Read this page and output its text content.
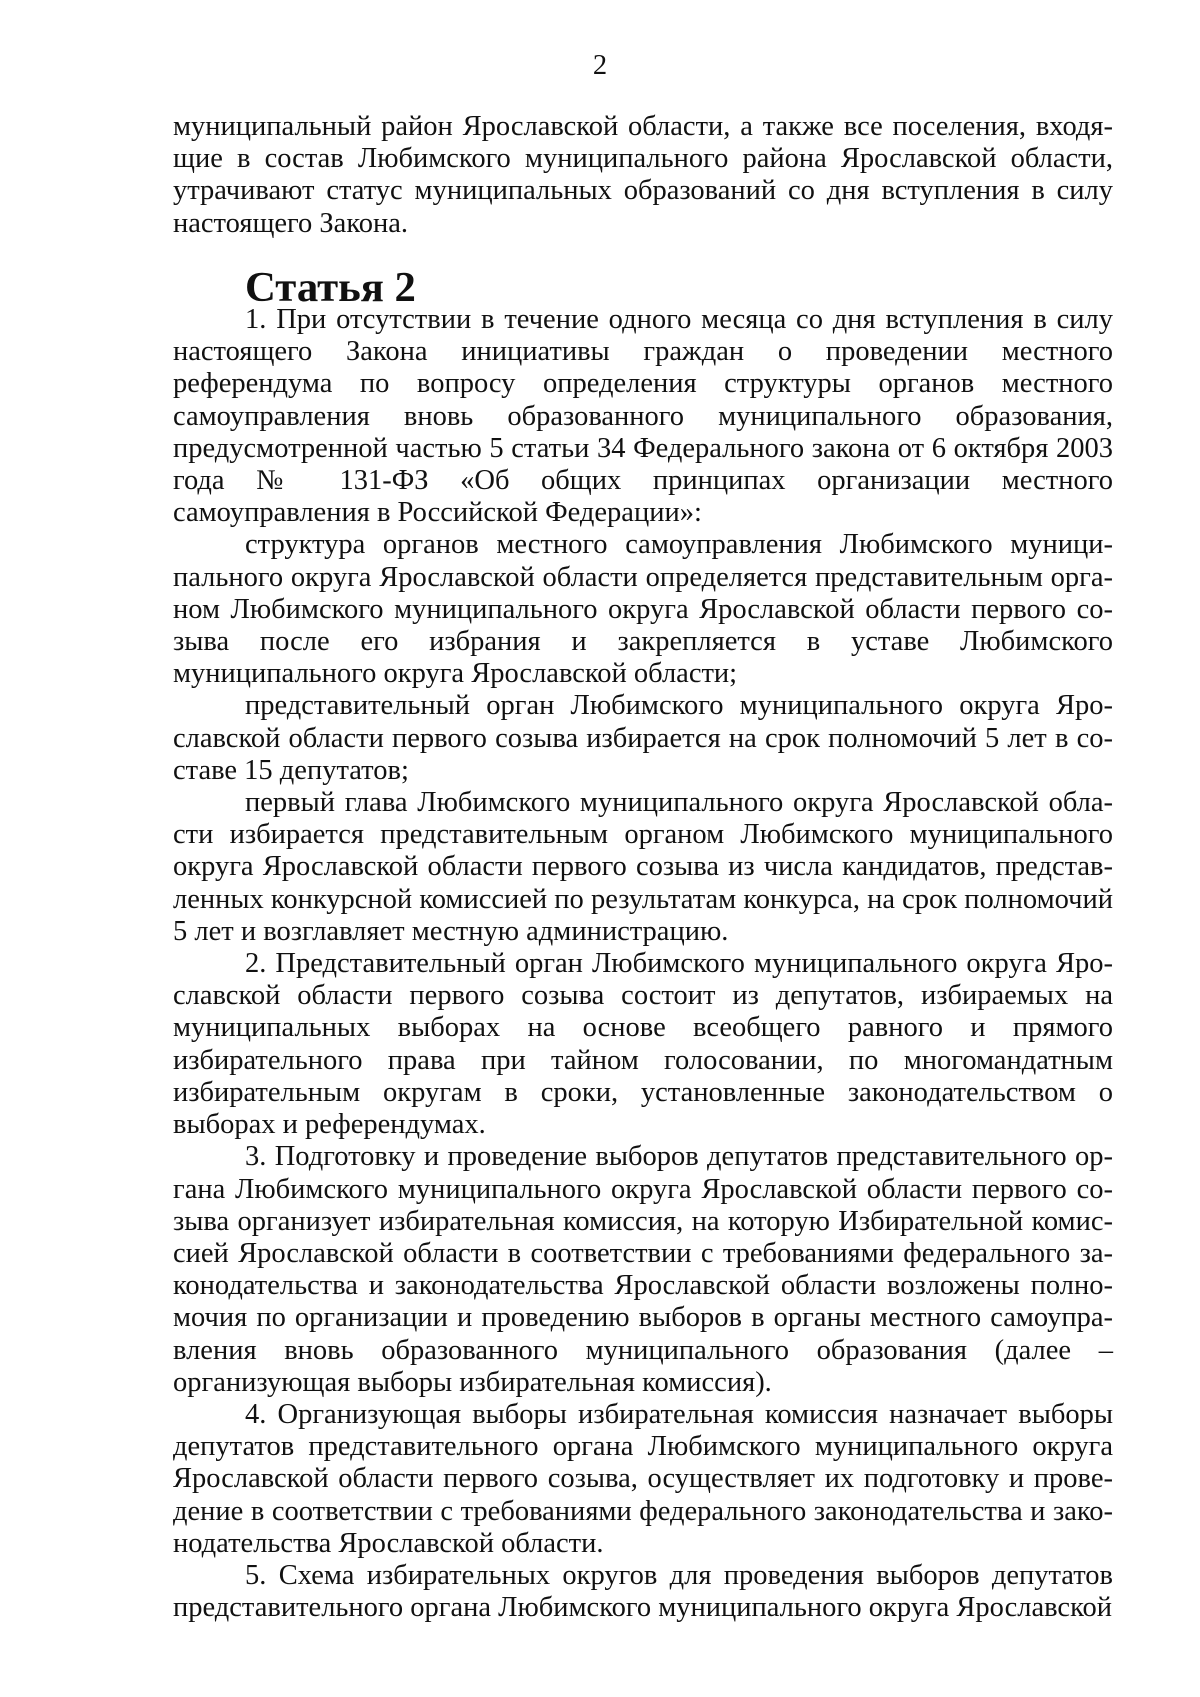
2

муниципальный район Ярославской области, а также все поселения, входящие в состав Любимского муниципального района Ярославской области, утрачивают статус муниципальных образований со дня вступления в силу настоящего Закона.

Статья 2

1. При отсутствии в течение одного месяца со дня вступления в силу настоящего Закона инициативы граждан о проведении местного референдума по вопросу определения структуры органов местного самоуправления вновь образованного муниципального образования, предусмотренной частью 5 статьи 34 Федерального закона от 6 октября 2003 года № 131-ФЗ «Об общих принципах организации местного самоуправления в Российской Федерации»:

структура органов местного самоуправления Любимского муниципального округа Ярославской области определяется представительным органом Любимского муниципального округа Ярославской области первого созыва после его избрания и закрепляется в уставе Любимского муниципального округа Ярославской области;

представительный орган Любимского муниципального округа Ярославской области первого созыва избирается на срок полномочий 5 лет в составе 15 депутатов;

первый глава Любимского муниципального округа Ярославской области избирается представительным органом Любимского муниципального округа Ярославской области первого созыва из числа кандидатов, представленных конкурсной комиссией по результатам конкурса, на срок полномочий 5 лет и возглавляет местную администрацию.

2. Представительный орган Любимского муниципального округа Ярославской области первого созыва состоит из депутатов, избираемых на муниципальных выборах на основе всеобщего равного и прямого избирательного права при тайном голосовании, по многомандатным избирательным округам в сроки, установленные законодательством о выборах и референдумах.

3. Подготовку и проведение выборов депутатов представительного органа Любимского муниципального округа Ярославской области первого созыва организует избирательная комиссия, на которую Избирательной комиссией Ярославской области в соответствии с требованиями федерального законодательства и законодательства Ярославской области возложены полномочия по организации и проведению выборов в органы местного самоуправления вновь образованного муниципального образования (далее – организующая выборы избирательная комиссия).

4. Организующая выборы избирательная комиссия назначает выборы депутатов представительного органа Любимского муниципального округа Ярославской области первого созыва, осуществляет их подготовку и проведение в соответствии с требованиями федерального законодательства и законодательства Ярославской области.

5. Схема избирательных округов для проведения выборов депутатов представительного органа Любимского муниципального округа Ярославской
